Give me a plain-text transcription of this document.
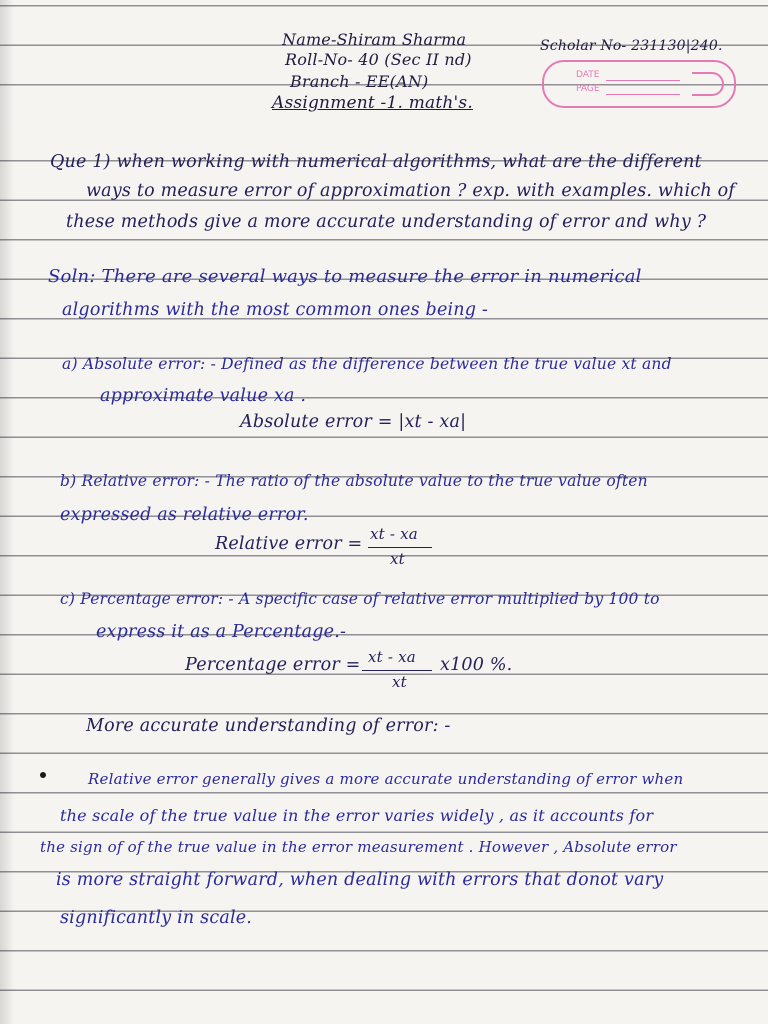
Name-Shiram Sharma
Roll-No- 40 (Sec II nd)
Branch - EE(AN)
Assignment -1. math's.
Scholar No- 231130|240.
DATE
PAGE
Que 1) when working with numerical algorithms, what are the different
ways to measure error of approximation ? exp. with examples. which of
these methods give a more accurate understanding of error and why ?
Soln: There are several ways to measure the error in numerical
algorithms with the most common ones being -
a) Absolute error: - Defined as the difference between the true value xt and
approximate value xa .
Absolute error = |xt - xa|
b) Relative error: - The ratio of the absolute value to the true value often
expressed as relative error.
Relative error = xt - xa
xt
c) Percentage error: - A specific case of relative error multiplied by 100 to
express it as a Percentage.-
Percentage error = xt - xa
xt
x100 %.
More accurate understanding of error: -
Relative error generally gives a more accurate understanding of error when
the scale of the true value in the error varies widely , as it accounts for
the sign of of the true value in the error measurement . However , Absolute error
is more straight forward, when dealing with errors that donot vary
significantly in scale.
